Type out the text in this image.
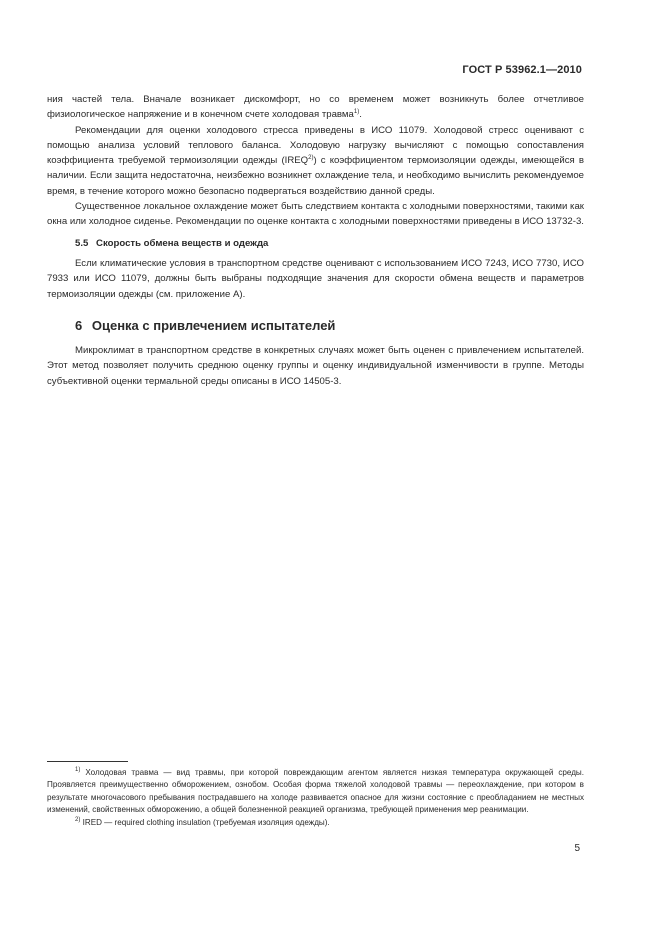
ГОСТ Р 53962.1—2010

ния частей тела. Вначале возникает дискомфорт, но со временем может возникнуть более отчетливое физиологическое напряжение и в конечном счете холодовая травма$^{1)}$.

Рекомендации для оценки холодового стресса приведены в ИСО 11079. Холодовой стресс оценивают с помощью анализа условий теплового баланса. Холодовую нагрузку вычисляют с помощью сопоставления коэффициента требуемой термоизоляции одежды (IREQ$^{2)}$) с коэффициентом термоизоляции одежды, имеющейся в наличии. Если защита недостаточна, неизбежно возникнет охлаждение тела, и необходимо вычислить рекомендуемое время, в течение которого можно безопасно подвергаться воздействию данной среды.

Существенное локальное охлаждение может быть следствием контакта с холодными поверхностями, такими как окна или холодное сиденье. Рекомендации по оценке контакта с холодными поверхностями приведены в ИСО 13732-3.

5.5 Скорость обмена веществ и одежда

Если климатические условия в транспортном средстве оценивают с использованием ИСО 7243, ИСО 7730, ИСО 7933 или ИСО 11079, должны быть выбраны подходящие значения для скорости обмена веществ и параметров термоизоляции одежды (см. приложение А).

6 Оценка с привлечением испытателей

Микроклимат в транспортном средстве в конкретных случаях может быть оценен с привлечением испытателей. Этот метод позволяет получить среднюю оценку группы и оценку индивидуальной изменчивости в группе. Методы субъективной оценки термальной среды описаны в ИСО 14505-3.

$^{1)}$ Холодовая травма — вид травмы, при которой повреждающим агентом является низкая температура окружающей среды. Проявляется преимущественно обморожением, ознобом. Особая форма тяжелой холодовой травмы — переохлаждение, при котором в результате многочасового пребывания пострадавшего на холоде развивается опасное для жизни состояние с преобладанием не местных изменений, свойственных обморожению, а общей болезненной реакцией организма, требующей применения мер реанимации.

$^{2)}$ IRED — required clothing insulation (требуемая изоляция одежды).

5
